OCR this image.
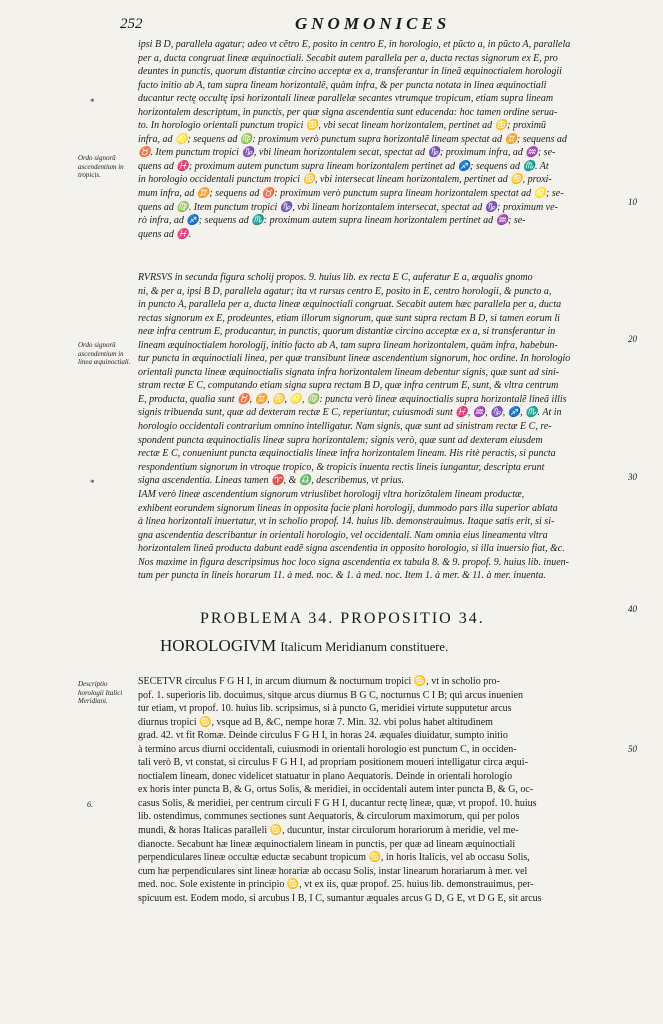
252	GNOMONICES
*
*
ipsi B D, parallela agatur; adeo vt cẽtro E, posito in centro E, in horologio, et pũcto a, in pũcto A, parallela
per a, ducta congruat lineæ æquinoctiali. Secabit autem parallela per a, ducta rectas signorum ex E, pro
deuntes in punctis, quorum distantiæ circino acceptæ ex a, transferantur in lineã æquinoctialem horologii
facto initio ab A, tam supra lineam horizontalẽ, quàm infra, & per puncta notata in linea æquinoctiali
ducantur rectę occultę ipsi horizontali lineæ parallelæ secantes vtrumque tropicum, etiam supra lineam
horizontalem descriptum, in punctis, per quæ signa ascendentia sunt educenda: hoc tamen ordine serua-
to. In horologio orientali punctum tropici ♋, vbi secat lineam horizontalem, pertinet ad ♋; proximũ
infra, ad ♌; sequens ad ♍: proximum verò punctum supra horizontalẽ lineam spectat ad ♊; sequens ad
♉. Item punctum tropici ♑, vbi lineam horizontalem secat, spectat ad ♑; proximum infra, ad ♒; se-
quens ad ♓; proximum autem punctum supra lineam horizontalem pertinet ad ♐; sequens ad ♏. At
in horologio occidentali punctum tropici ♋, vbi intersecat lineam horizontalem, pertinet ad ♋, proxi-
mum infra, ad ♊; sequens ad ♉: proximum verò punctum supra lineam horizontalem spectat ad ♌; se-
quens ad ♍. Item punctum tropici ♑, vbi lineam horizontalem intersecat, spectat ad ♑; proximum ve-
rò infra, ad ♐; sequens ad ♏: proximum autem supra lineam horizontalem pertinet ad ♒; se-
quens ad ♓.
Ordo signorũ ascendentium in tropicis.
10
RVRSVS in secunda figura scholij propos. 9. huius lib. ex recta E C, auferatur E a, æqualis gnomo
ni, & per a, ipsi B D, parallela agatur; ita vt rursus centro E, posito in E, centro horologii, & puncto a,
in puncto A, parallela per a, ducta lineæ æquinoctiali congruat. Secabit autem hæc parallela per a, ducta
rectas signorum ex E, prodeuntes, etiam illorum signorum, quæ sunt supra rectam B D, si tamen eorum li
neæ infra centrum E, producantur, in punctis, quorum distantiæ circino acceptæ ex a, si transferantur in
lineam æquinoctialem horologij, initio facto ab A, tam supra lineam horizontalem, quàm infra, habebun-
tur puncta in æquinoctiali linea, per quæ transibunt lineæ ascendentium signorum, hoc ordine. In horologio
orientali puncta lineæ æquinoctialis signata infra horizontalem lineam debentur signis, quæ sunt ad sini-
stram rectæ E C, computando etiam signa supra rectam B D, quæ infra centrum E, sunt, & vltra centrum
E, producta, qualia sunt ♉, ♊, ♋, ♌, ♍: puncta verò lineæ æquinoctialis supra horizontalẽ lineã illis
signis tribuenda sunt, quæ ad dexteram rectæ E C, reperiuntur, cuiusmodi sunt ♓, ♒, ♑, ♐, ♏. At in
horologio occidentali contrarium omnino intelligatur. Nam signis, quæ sunt ad sinistram rectæ E C, re-
spondent puncta æquinoctialis lineæ supra horizontalem; signis verò, quæ sunt ad dexteram eiusdem
rectæ E C, conueniunt puncta æquinoctialis lineæ infra horizontalem lineam. His ritè peractis, si puncta
respondentium signorum in vtroque tropico, & tropicis inuenta rectis lineis iungantur, descripta erunt
signa ascendentia. Lineas tamen ♈, & ♎, describemus, vt prius.
Ordo signorũ ascendentium in linea æquinoctiali.
20
30
IAM verò lineæ ascendentium signorum vtriuslibet horologij vltra horizõtalem lineam productæ,
exhibent eorundem signorum lineas in opposita facie plani horologij, dummodo pars illa superior ablata
à linea horizontali inuertatur, vt in scholio propof. 14. huius lib. demonstrauimus. Itaque satis erit, si si-
gna ascendentia describantur in orientali horologio, vel occidentali. Nam omnia eius lineamenta vltra
horizontalem lineã producta dabunt eadẽ signa ascendentia in opposito horologio, si illa inuersio fiat, &c.
Nos maxime in figura descripsimus hoc loco signa ascendentia ex tabula 8. & 9. propof. 9. huius lib. inuen-
tum per puncta in lineis horarum 11. à med. noc. & 1. à med. noc. Item 1. à mer. & 11. à mer. inuenta.
40
PROBLEMA 34. PROPOSITIO 34.
HOROLOGIVM Italicum Meridianum constituere.
Descriptio horologii Italici Meridiani.
50
6.
SECETVR circulus F G H I, in arcum diurnum & nocturnum tropici ♋, vt in scholio pro-
pof. 1. superioris lib. docuimus, sitque arcus diurnus B G C, nocturnus C I B; qui arcus inuenien
tur etiam, vt propof. 10. huius lib. scripsimus, si à puncto G, meridiei virtute supputetur arcus
diurnus tropici ♋, vsque ad B, &C, nempe horæ 7. Min. 32. vbi polus habet altitudinem
grad. 42. vt fit Romæ. Deinde circulus F G H I, in horas 24. æquales diuidatur, sumpto initio
à termino arcus diurni occidentali, cuiusmodi in orientali horologio est punctum C, in occiden-
tali verò B, vt constat, si circulus F G H I, ad propriam positionem moueri intelligatur circa æqui-
noctialem lineam, donec videlicet statuatur in plano Aequatoris. Deinde in orientali horologio
ex horis inter puncta B, & G, ortus Solis, & meridiei, in occidentali autem inter puncta B, & G, oc-
casus Solis, & meridiei, per centrum circuli F G H I, ducantur rectę lineæ, quæ, vt propof. 10. huius
lib. ostendimus, communes sectiones sunt Aequatoris, & circulorum maximorum, qui per polos
mundi, & horas Italicas paralleli ♋, ducuntur, instar circulorum horariorum à meridie, vel me-
dianocte. Secabunt hæ lineæ æquinoctialem lineam in punctis, per quæ ad lineam æquinoctiali
perpendiculares lineæ occultæ eductæ secabunt tropicum ♋, in horis Italicis, vel ab occasu Solis,
cum hæ perpendiculares sint lineæ horariæ ab occasu Solis, instar linearum horariarum à mer. vel
med. noc. Sole existente in principio ♋, vt ex iis, quæ propof. 25. huius lib. demonstrauimus, per-
spicuum est. Eodem modo, si arcubus I B, I C, sumantur æquales arcus G D, G E, vt D G E, sit arcus
